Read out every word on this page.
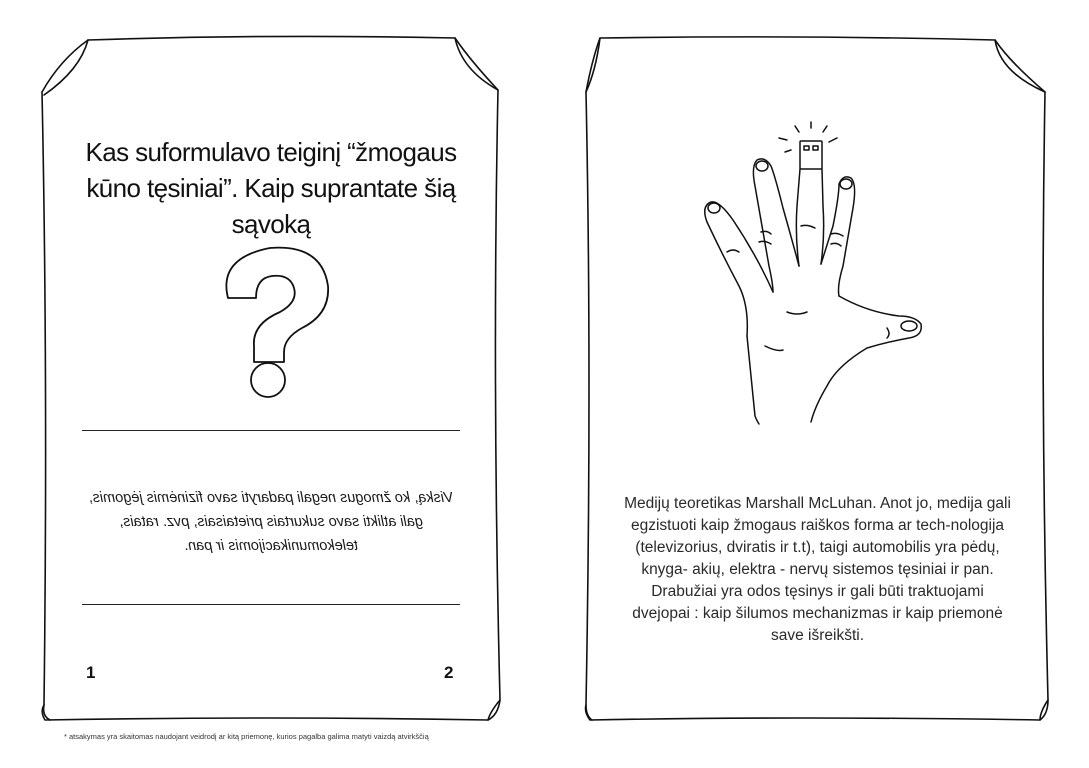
Kas suformulavo teiginį “žmogaus kūno tęsiniai”. Kaip suprantate šią sąvoką
Viską, ko žmogus negali padaryti savo fizinėmis jėgomis, gali atlikti savo sukurtais prietaisais, pvz. ratais, telekomunikacijomis ir pan.
1	2
Medijų teoretikas Marshall McLuhan. Anot jo, medija gali egzistuoti kaip žmogaus raiškos forma ar tech-nologija (televizorius, dviratis ir t.t), taigi automobilis yra pėdų, knyga- akių, elektra - nervų sistemos tęsiniai ir pan. Drabužiai yra odos tęsinys ir gali būti traktuojami dvejopai : kaip šilumos mechanizmas ir kaip priemonė save išreikšti.
* atsakymas yra skaitomas naudojant veidrodį ar kitą priemonę, kurios pagalba galima matyti vaizdą atvirkščią
